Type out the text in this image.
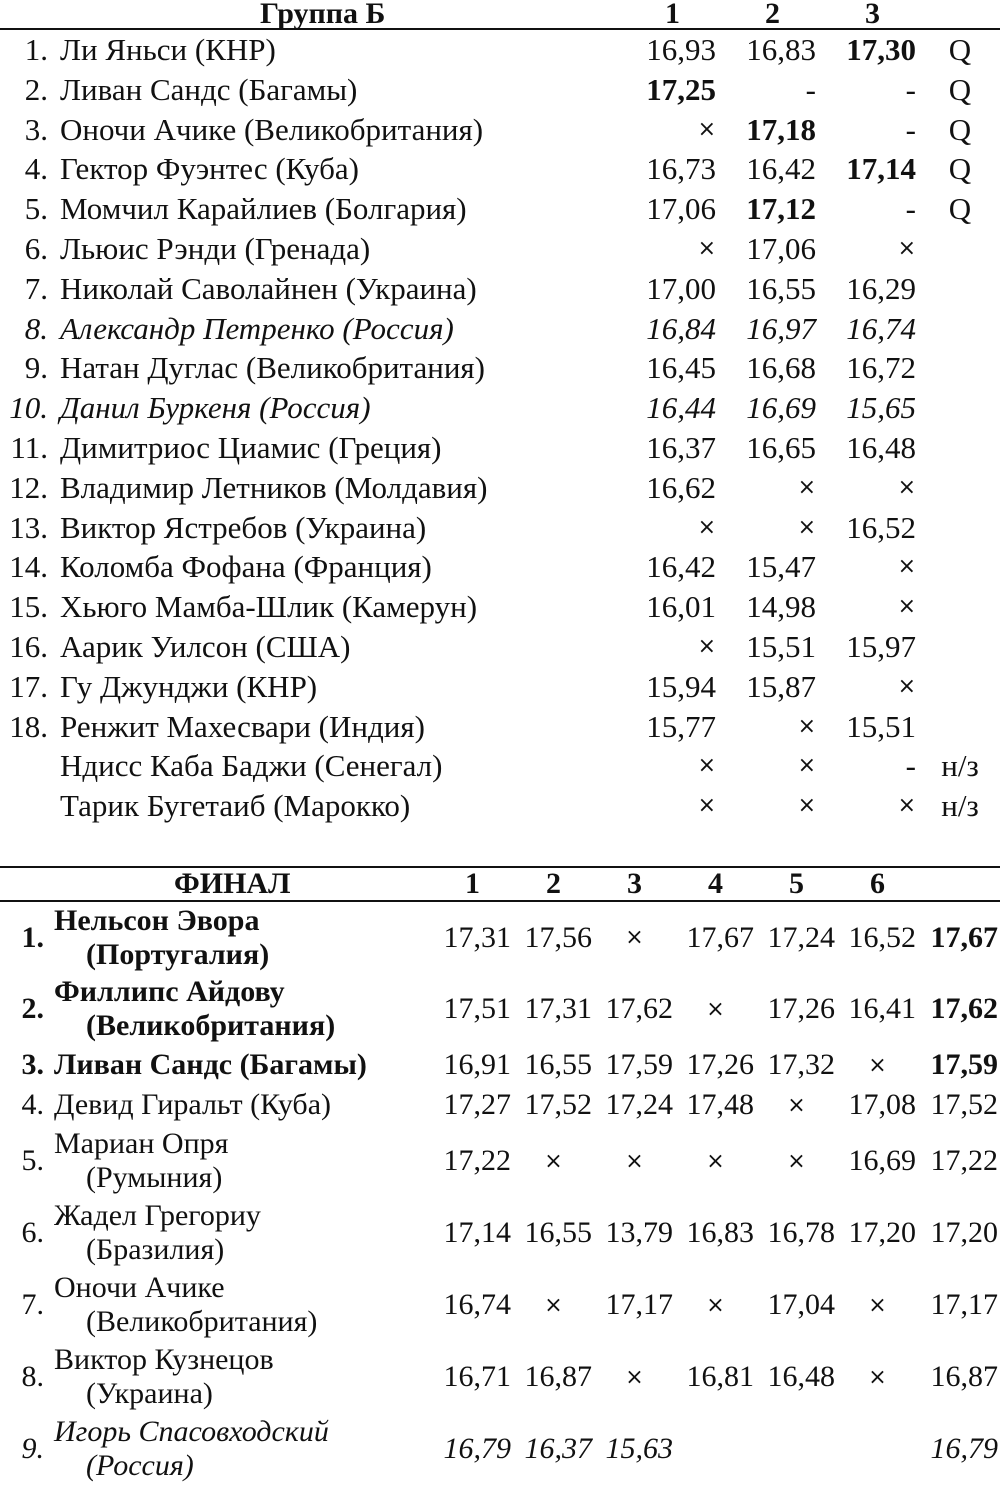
	Группа Б	1	2	3	
1.	Ли Яньси (КНР)	16,93	16,83	17,30	Q
2.	Ливан Сандс (Багамы)	17,25	-	-	Q
3.	Оночи Ачике (Великобритания)	×	17,18	-	Q
4.	Гектор Фуэнтес (Куба)	16,73	16,42	17,14	Q
5.	Момчил Карайлиев (Болгария)	17,06	17,12	-	Q
6.	Льюис Рэнди (Гренада)	×	17,06	×	
7.	Николай Саволайнен (Украина)	17,00	16,55	16,29	
8.	Александр Петренко (Россия)	16,84	16,97	16,74	
9.	Натан Дуглас (Великобритания)	16,45	16,68	16,72	
10.	Данил Буркеня (Россия)	16,44	16,69	15,65	
11.	Димитриос Циамис (Греция)	16,37	16,65	16,48	
12.	Владимир Летников (Молдавия)	16,62	×	×	
13.	Виктор Ястребов (Украина)	×	×	16,52	
14.	Коломба Фофана (Франция)	16,42	15,47	×	
15.	Хьюго Мамба-Шлик (Камерун)	16,01	14,98	×	
16.	Аарик Уилсон (США)	×	15,51	15,97	
17.	Гу Джунджи (КНР)	15,94	15,87	×	
18.	Ренжит Махесвари (Индия)	15,77	×	15,51	
	Ндисс Каба Баджи (Сенегал)	×	×	-	н/з
	Тарик Бугетаиб (Марокко)	×	×	×	н/з
	ФИНАЛ	1	2	3	4	5	6	
1.	Нельсон Эвора
(Португалия)	17,31	17,56	×	17,67	17,24	16,52	17,67
2.	Филлипс Айдову
(Великобритания)	17,51	17,31	17,62	×	17,26	16,41	17,62
3.	Ливан Сандс (Багамы)	16,91	16,55	17,59	17,26	17,32	×	17,59
4.	Девид Гиральт (Куба)	17,27	17,52	17,24	17,48	×	17,08	17,52
5.	Мариан Опря
(Румыния)	17,22	×	×	×	×	16,69	17,22
6.	Жадел Грегориу
(Бразилия)	17,14	16,55	13,79	16,83	16,78	17,20	17,20
7.	Оночи Ачике
(Великобритания)	16,74	×	17,17	×	17,04	×	17,17
8.	Виктор Кузнецов
(Украина)	16,71	16,87	×	16,81	16,48	×	16,87
9.	Игорь Спасовходский
(Россия)	16,79	16,37	15,63				16,79
